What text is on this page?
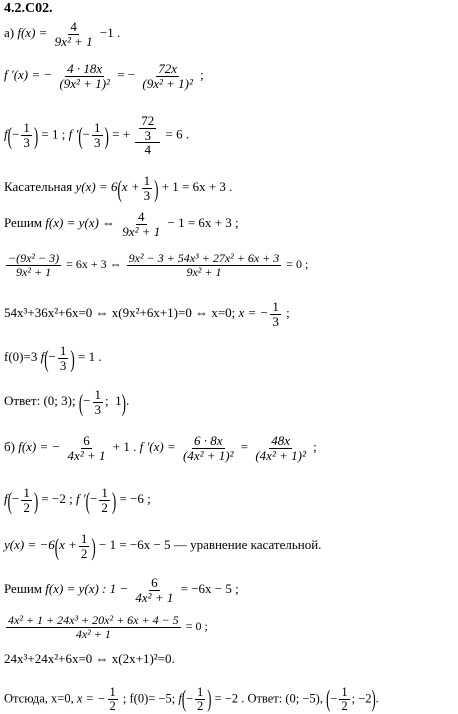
4.2.С02.
а) $f(x) = \frac{4}{\text{9x² + 1}} -1$ .
f ′(x) = − $\frac{4 \cdot 18x}{\text{(9x² + 1)²}}$ = − $\frac{72x}{\text{(9x² + 1)²}}$ ;
$f(- \frac{1}{3}$ ) = 1 ; f ′(− $\frac{1}{3}$ ) = + $\frac{\frac{72}{3}}{4} = 6$ .
Касательная $y(x) = 6(x + \frac{1}{3}$ ) + 1 = 6x + 3 .
Решим f(x) = y(x) ⇔ $\frac{4}{\text{9x² + 1}} - 1 = 6x + 3$ ;
$\frac{\text{−(9x² − 3)}}{\text{9x² + 1}} = 6x + 3$ ⇔ $\frac{\text{9x² − 3 + 54x³ + 27x² + 6x + 3}}{\text{9x² + 1}} = 0$ ;
54x³+36x²+6x=0 ⇔ x(9x²+6x+1)=0 ⇔ x=0; x = − $\frac{1}{3}$ ;
f(0)=3 $f(- \frac{1}{3}$ ) = 1 .
Ответ: (0; 3); (− $\frac{1}{3}$ ;  1).
б) f(x) = − $\frac{6}{\text{4x² + 1}} + 1$ . f $'(x) = \frac{6 \cdot 8x}{\text{(4x² + 1)²}} = \frac{48x}{\text{(4x² + 1)²}}$ ;
$f(- \frac{1}{2}$ ) = −2 ; f ′(− $\frac{1}{2}$ ) = −6 ;
$y(x) = -6(x + \frac{1}{2}$ ) − 1 = −6x − 5 — уравнение касательной.
Решим f(x) = y(x) : $1 - \frac{6}{\text{4x² + 1}} = -6x - 5$ ;
$\frac{\text{4x² + 1 + 24x³ + 20x² + 6x + 4 − 5}}{\text{4x² + 1}} = 0$ ;
24x³+24x²+6x=0 ⇔ x(2x+1)²=0.
Отсюда, x=0, x = − $\frac{1}{2}$ ; f(0)= −5; $f(- \frac{1}{2}$ ) = −2 . Ответ: (0; −5), (− $\frac{1}{2}$ ; −2).
